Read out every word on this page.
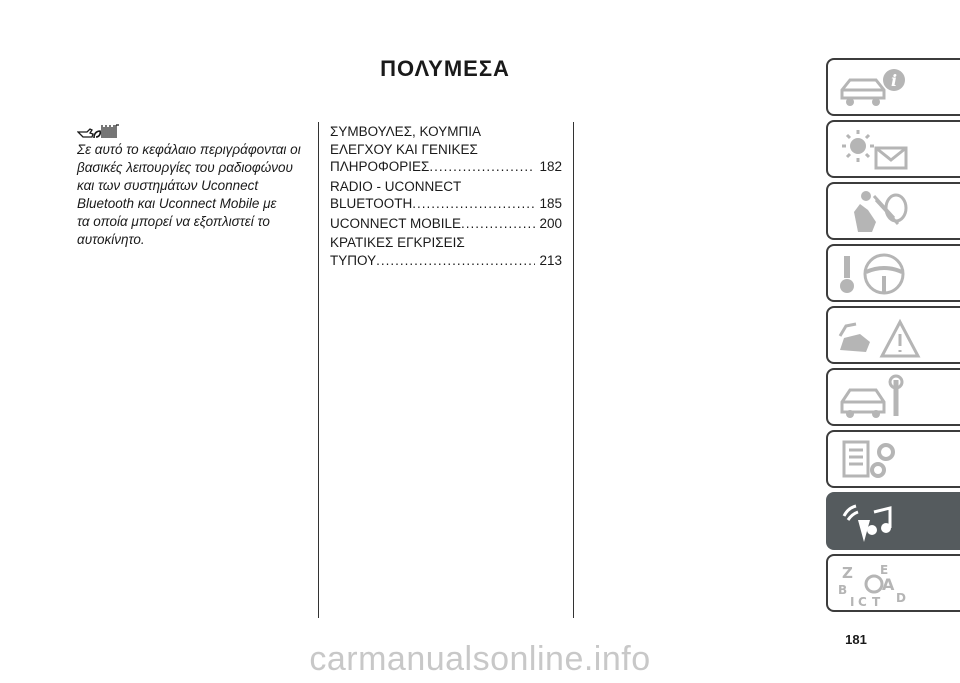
ΠΟΛΥΜΕΣΑ
Σε αυτό το κεφάλαιο περιγράφονται οι
βασικές λειτουργίες του ραδιοφώνου
και των συστημάτων Uconnect
Bluetooth και Uconnect Mobile με
τα οποία μπορεί να εξοπλιστεί το
αυτοκίνητο.
ΣΥΜΒΟΥΛΕΣ, ΚΟΥΜΠΙΑ
ΕΛΕΓΧΟΥ ΚΑΙ ΓΕΝΙΚΕΣ
ΠΛΗΡΟΦΟΡΙΕΣ .....	182
RADIO - UCONNECT
BLUETOOTH .....	185
UCONNECT MOBILE .....	200
ΚΡΑΤΙΚΕΣ ΕΓΚΡΙΣΕΙΣ
ΤΥΠΟΥ .....	213
i
Z E
B A
C T D
I
181
carmanualsonline.info
